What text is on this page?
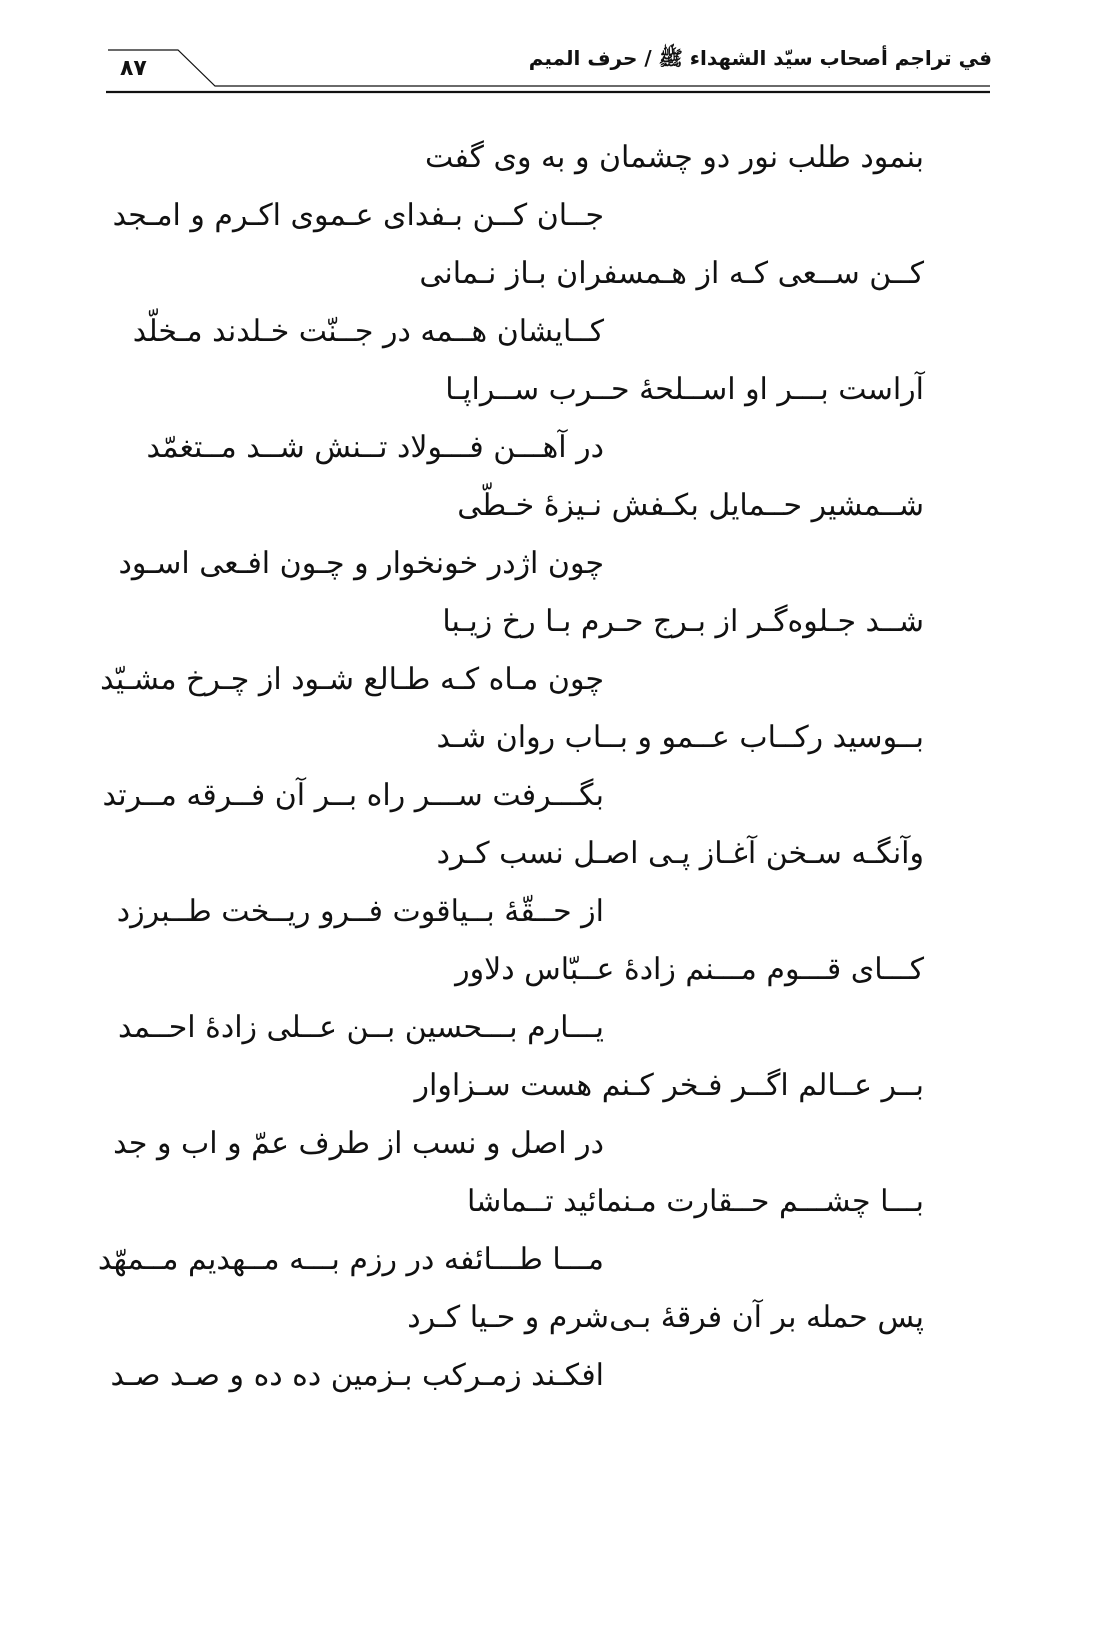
في تراجم أصحاب سيّد الشهداء ﷺ / حرف الميم
۸۷
بنمود طلب نور دو چشمان و به وی گفت
جــان کــن بـفدای عـموی اکـرم و امـجد
کــن ســعی کـه از هـمسفران بـاز نـمانی
کــایشان هــمه در جــنّت خـلدند مـخلّد
آراست بـــر او اســلحهٔ حــرب ســراپـا
در آهـــن فـــولاد تــنش شــد مــتغمّد
شــمشیر حــمایل بکـفش نـیزهٔ خـطّی
چون اژدر خونخوار و چـون افـعی اسـود
شــد جـلوه‌گـر از بـرج حـرم بـا رخ زیـبا
چون مـاه کـه طـالع شـود از چـرخ مشـیّد
بــوسید رکــاب عــمو و بــاب روان شـد
بگـــرفت ســـر راه بــر آن فــرقه مــرتد
وآنگـه سـخن آغـاز پـی اصـل نسب کـرد
از حــقّهٔ بــیاقوت فــرو ریــخت طــبرزد
کـــای قـــوم مـــنم زادهٔ عــبّاس دلاور
یـــارم بـــحسین بــن عــلی زادهٔ احــمد
بــر عــالم اگــر فـخر کـنم هست سـزاوار
در اصل و نسب از طرف عمّ و اب و جد
بـــا چشـــم حــقارت مـنمائید تــماشا
مـــا طـــائفه در رزم بـــه مــهدیم مــمهّد
پس حمله بر آن فرقهٔ بـی‌شرم و حـیا کـرد
افکـند زمـرکب بـزمین ده ده و صـد صـد
